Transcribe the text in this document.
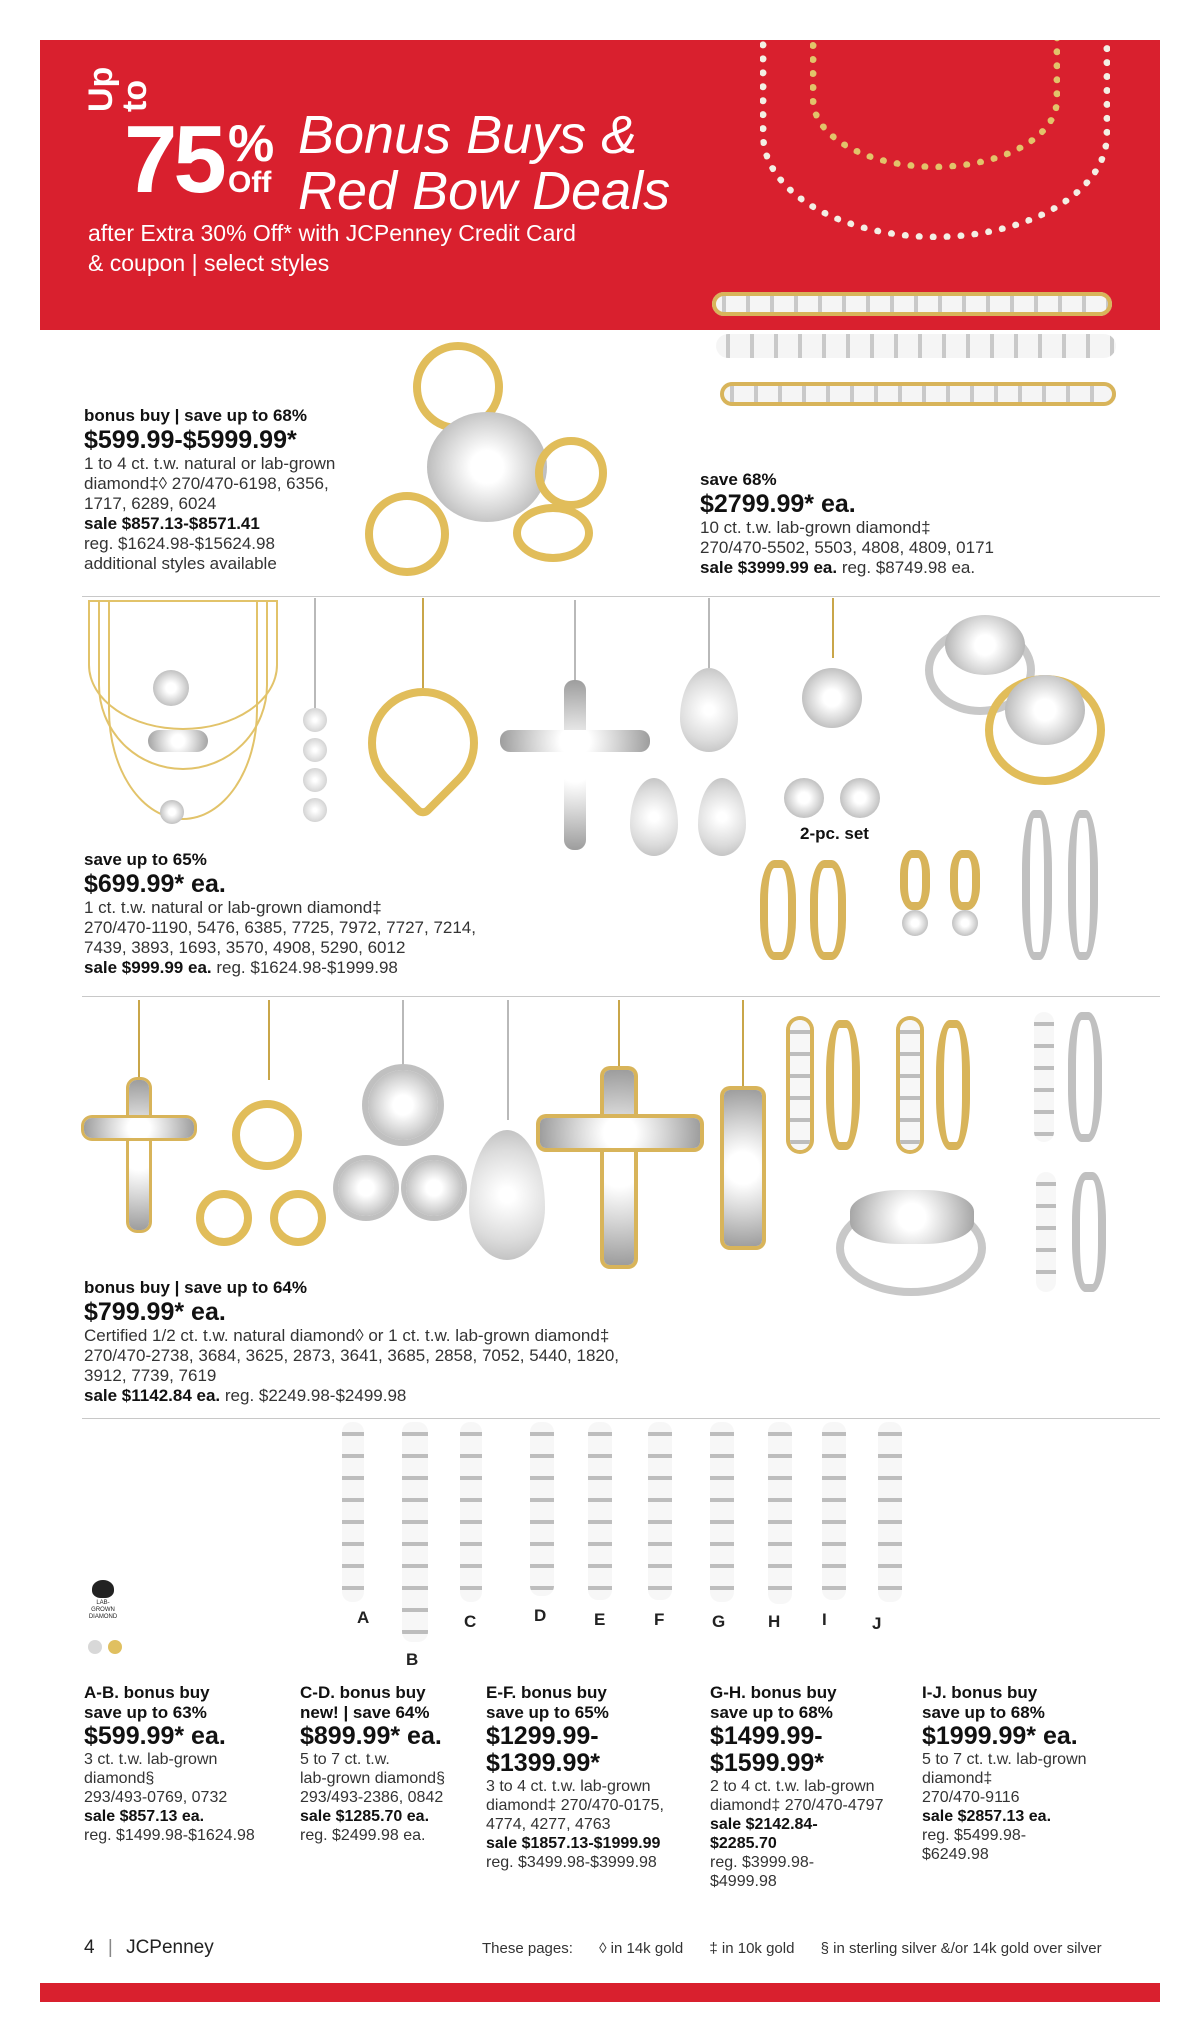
Up to
75 %
Off
Bonus Buys &
Red Bow Deals
after Extra 30% Off* with JCPenney Credit Card
& coupon | select styles
bonus buy | save up to 68%
$599.99-$5999.99*
1 to 4 ct. t.w. natural or lab-grown
diamond‡◊ 270/470-6198, 6356,
1717, 6289, 6024
sale $857.13-$8571.41
reg. $1624.98-$15624.98
additional styles available
save 68%
$2799.99* ea.
10 ct. t.w. lab-grown diamond‡
270/470-5502, 5503, 4808, 4809, 0171
sale $3999.99 ea. reg. $8749.98 ea.
2-pc. set
save up to 65%
$699.99* ea.
1 ct. t.w. natural or lab-grown diamond‡
270/470-1190, 5476, 6385, 7725, 7972, 7727, 7214,
7439, 3893, 1693, 3570, 4908, 5290, 6012
sale $999.99 ea. reg. $1624.98-$1999.98
bonus buy | save up to 64%
$799.99* ea.
Certified 1/2 ct. t.w. natural diamond◊ or 1 ct. t.w. lab-grown diamond‡
270/470-2738, 3684, 3625, 2873, 3641, 3685, 2858, 7052, 5440, 1820,
3912, 7739, 7619
sale $1142.84 ea. reg. $2249.98-$2499.98
A
B
C	D	E	F	G	H I	J
LAB-GROWN DIAMOND
A-B. bonus buy
save up to 63%
$599.99* ea.
3 ct. t.w. lab-grown
diamond§
293/493-0769, 0732
sale $857.13 ea.
reg. $1499.98-$1624.98
C-D. bonus buy
new! | save 64%
$899.99* ea.
5 to 7 ct. t.w.
lab-grown diamond§
293/493-2386, 0842
sale $1285.70 ea.
reg. $2499.98 ea.
E-F. bonus buy
save up to 65%
$1299.99-
$1399.99*
3 to 4 ct. t.w. lab-grown
diamond‡ 270/470-0175,
4774, 4277, 4763
sale $1857.13-$1999.99
reg. $3499.98-$3999.98
G-H. bonus buy
save up to 68%
$1499.99-
$1599.99*
2 to 4 ct. t.w. lab-grown
diamond‡ 270/470-4797
sale $2142.84-
$2285.70
reg. $3999.98-
$4999.98
I-J. bonus buy
save up to 68%
$1999.99* ea.
5 to 7 ct. t.w. lab-grown
diamond‡
270/470-9116
sale $2857.13 ea.
reg. $5499.98-
$6249.98
4 | JCPenney	These pages: ◊ in 14k gold ‡ in 10k gold § in sterling silver &/or 14k gold over silver
